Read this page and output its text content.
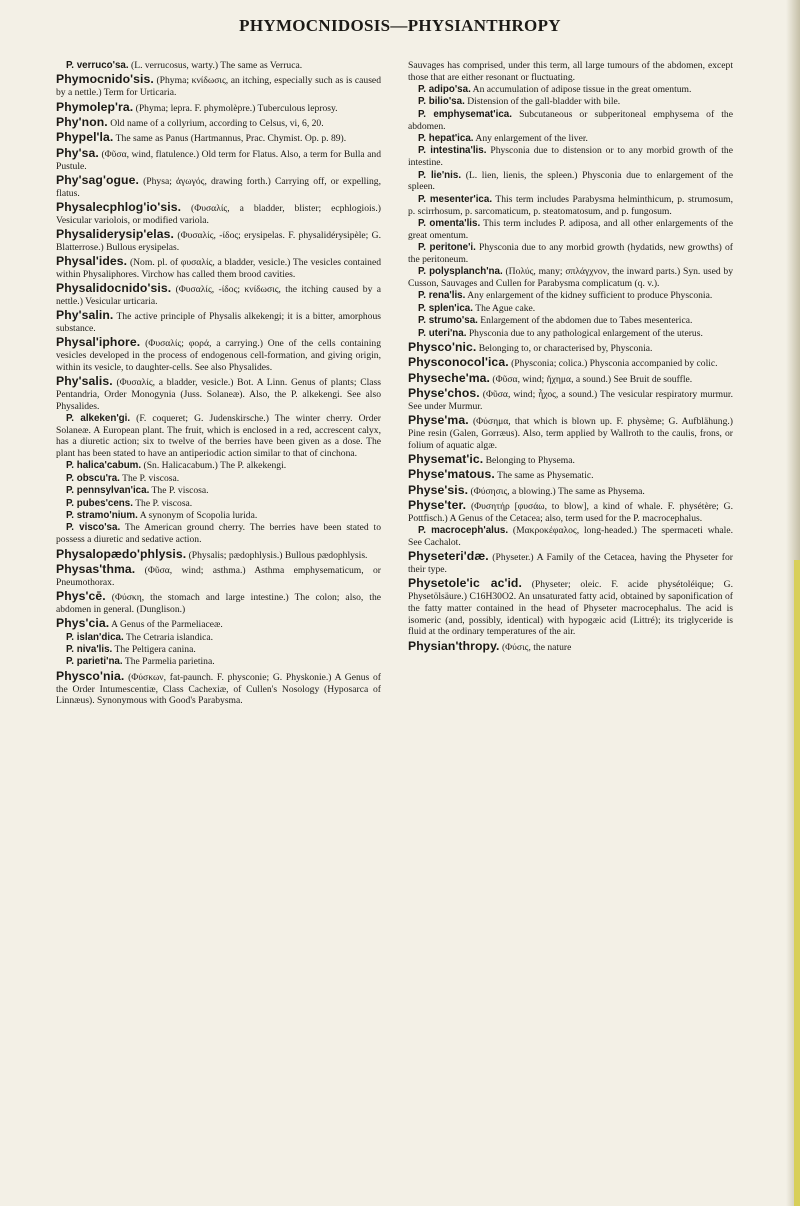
PHYMOCNIDOSIS—PHYSIANTHROPY

P. verruco'sa. (L. verrucosus, warty.) The same as Verruca.

Phymocnido'sis. (Phyma; κνίδωσις, an itching, especially such as is caused by a nettle.) Term for Urticaria.

Phymolep'ra. (Phyma; lepra. F. phymolèpre.) Tuberculous leprosy.

Phy'non. Old name of a collyrium, according to Celsus, vi, 6, 20.

Phypel'la. The same as Panus (Hartmannus, Prac. Chymist. Op. p. 89).

Phy'sa. (Φῦσα, wind, flatulence.) Old term for Flatus. Also, a term for Bulla and Pustule.

Phy'sag'ogue. (Physa; ἀγωγός, drawing forth.) Carrying off, or expelling, flatus.

Physalecphlog'io'sis. (Φυσαλίς, a bladder, blister; ecphlogiois.) Vesicular variolois, or modified variola.

Physaliderysip'elas. (Φυσαλίς, -ίδος; erysipelas. F. physalidérysipèle; G. Blatterrose.) Bullous erysipelas.

Physal'ides. (Nom. pl. of φυσαλίς, a bladder, vesicle.) The vesicles contained within Physaliphores. Virchow has called them brood cavities.

Physalidocnido'sis. (Φυσαλίς, -ίδος; κνίδωσις, the itching caused by a nettle.) Vesicular urticaria.

Phy'salin. The active principle of Physalis alkekengi; it is a bitter, amorphous substance.

Physal'iphore. (Φυσαλίς; φορά, a carrying.) One of the cells containing vesicles developed in the process of endogenous cell-formation, and giving origin, within its vesicle, to daughter-cells. See also Physalides.

Phy'salis. (Φυσαλίς, a bladder, vesicle.) Bot. A Linn. Genus of plants; Class Pentandria, Order Monogynia (Juss. Solaneæ). Also, the P. alkekengi. See also Physalides.

P. alkeken'gi. (F. coqueret; G. Judenskirsche.) The winter cherry. Order Solaneæ. A European plant. The fruit, which is enclosed in a red, accrescent calyx, has a diuretic action; six to twelve of the berries have been given as a dose. The plant has been stated to have an antiperiodic action similar to that of cinchona.

P. halica'cabum. (Sn. Halicacabum.) The P. alkekengi.

P. obscu'ra. The P. viscosa.

P. pennsylvan'ica. The P. viscosa.

P. pubes'cens. The P. viscosa.

P. stramo'nium. A synonym of Scopolia lurida.

P. visco'sa. The American ground cherry. The berries have been stated to possess a diuretic and sedative action.

Physalopædo'phlysis. (Physalis; pædophlysis.) Bullous pædophlysis.

Physas'thma. (Φῦσα, wind; asthma.) Asthma emphysematicum, or Pneumothorax.

Phys'cē. (Φύσκη, the stomach and large intestine.) The colon; also, the abdomen in general. (Dunglison.)

Phys'cia. A Genus of the Parmeliaceæ.

P. islan'dica. The Cetraria islandica.

P. niva'lis. The Peltigera canina.

P. parieti'na. The Parmelia parietina.

Physco'nia. (Φύσκων, fat-paunch. F. physconie; G. Physkonie.) A Genus of the Order Intumescentiæ, Class Cachexiæ, of Cullen's Nosology (Hyposarca of Linnæus). Synonymous with Good's Parabysma.

Sauvages has comprised, under this term, all large tumours of the abdomen, except those that are either resonant or fluctuating.

P. adipo'sa. An accumulation of adipose tissue in the great omentum.

P. bilio'sa. Distension of the gall-bladder with bile.

P. emphysemat'ica. Subcutaneous or subperitoneal emphysema of the abdomen.

P. hepat'ica. Any enlargement of the liver.

P. intestina'lis. Physconia due to distension or to any morbid growth of the intestine.

P. lie'nis. (L. lien, lienis, the spleen.) Physconia due to enlargement of the spleen.

P. mesenter'ica. This term includes Parabysma helminthicum, p. strumosum, p. scirrhosum, p. sarcomaticum, p. steatomatosum, and p. fungosum.

P. omenta'lis. This term includes P. adiposa, and all other enlargements of the great omentum.

P. peritone'i. Physconia due to any morbid growth (hydatids, new growths) of the peritoneum.

P. polysplanch'na. (Πολύς, many; σπλάγχνον, the inward parts.) Syn. used by Cusson, Sauvages and Cullen for Parabysma complicatum (q. v.).

P. rena'lis. Any enlargement of the kidney sufficient to produce Physconia.

P. splen'ica. The Ague cake.

P. strumo'sa. Enlargement of the abdomen due to Tabes mesenterica.

P. uteri'na. Physconia due to any pathological enlargement of the uterus.

Physco'nic. Belonging to, or characterised by, Physconia.

Physconocol'ica. (Physconia; colica.) Physconia accompanied by colic.

Physeche'ma. (Φῦσα, wind; ἤχημα, a sound.) See Bruit de souffle.

Physe'chos. (Φῦσα, wind; ἦχος, a sound.) The vesicular respiratory murmur. See under Murmur.

Physe'ma. (Φύσημα, that which is blown up. F. physème; G. Aufblähung.) Pine resin (Galen, Gorræus). Also, term applied by Wallroth to the caulis, frons, or folium of aquatic algæ.

Physemat'ic. Belonging to Physema.

Physe'matous. The same as Physematic.

Physe'sis. (Φύσησις, a blowing.) The same as Physema.

Physe'ter. (Φυσητήρ [φυσάω, to blow], a kind of whale. F. physétère; G. Pottfisch.) A Genus of the Cetacea; also, term used for the P. macrocephalus.

P. macroceph'alus. (Μακροκέφαλος, long-headed.) The spermaceti whale. See Cachalot.

Physeteri'dæ. (Physeter.) A Family of the Cetacea, having the Physeter for their type.

Physetole'ic ac'id. (Physeter; oleic. F. acide physétoléique; G. Physetölsäure.) C16H30O2. An unsaturated fatty acid, obtained by saponification of the fatty matter contained in the head of Physeter macrocephalus. The acid is isomeric (and, possibly, identical) with hypogæic acid (Littré); its triglyceride is fluid at the ordinary temperatures of the air.

Physian'thropy. (Φύσις, the nature
